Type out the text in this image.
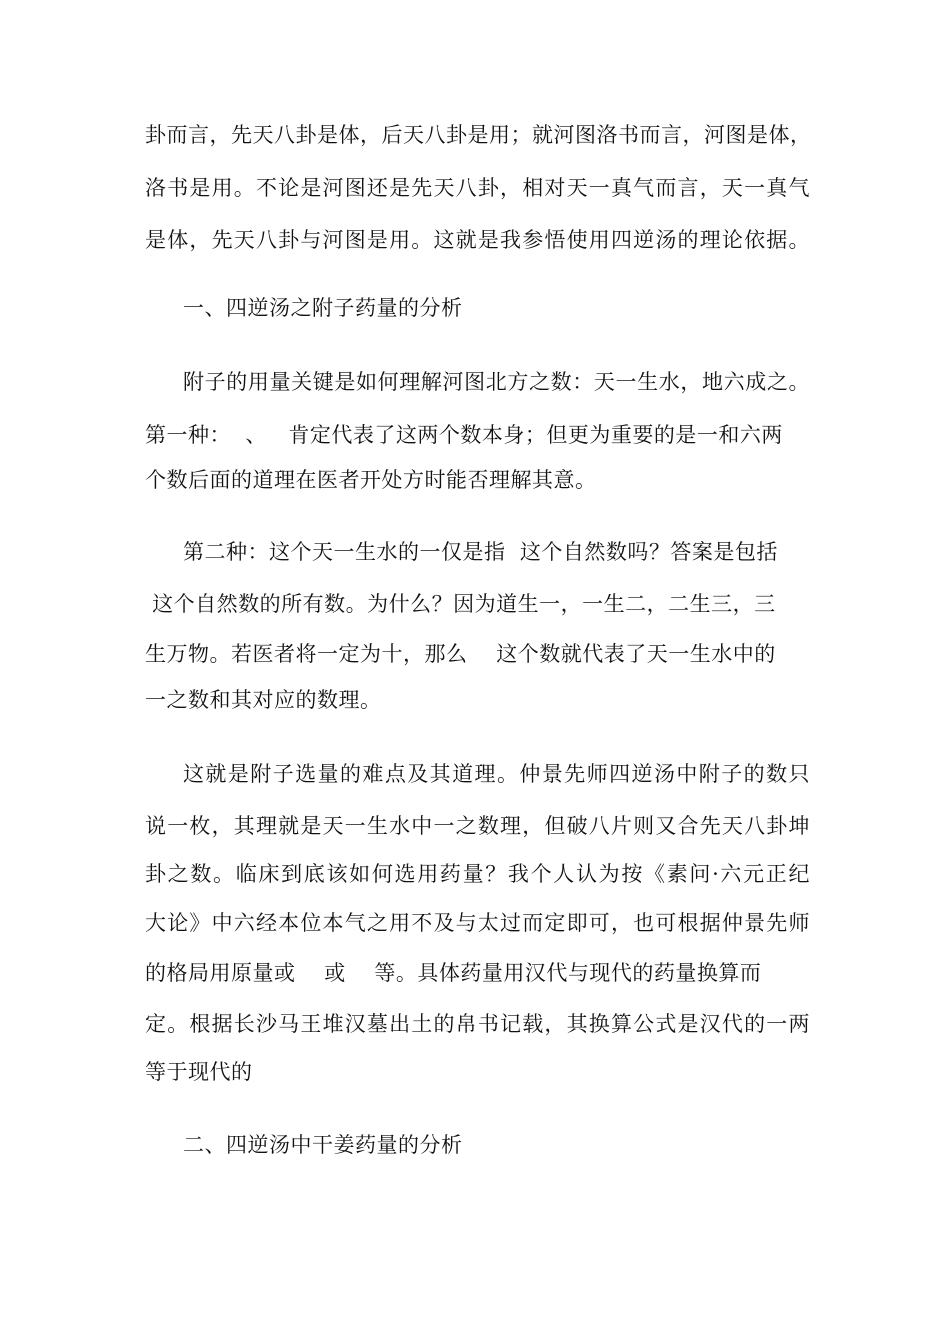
卦而言，先天八卦是体，后天八卦是用；就河图洛书而言，河图是体，
洛书是用。不论是河图还是先天八卦，相对天一真气而言，天一真气
是体，先天八卦与河图是用。这就是我参悟使用四逆汤的理论依据。
一、四逆汤之附子药量的分析
附子的用量关键是如何理解河图北方之数：天一生水，地六成之。
第一种：  、   肯定代表了这两个数本身；但更为重要的是一和六两
个数后面的道理在医者开处方时能否理解其意。
第二种：这个天一生水的一仅是指  这个自然数吗？答案是包括
这个自然数的所有数。为什么？因为道生一，一生二，二生三，三
生万物。若医者将一定为十，那么    这个数就代表了天一生水中的
一之数和其对应的数理。
这就是附子选量的难点及其道理。仲景先师四逆汤中附子的数只
说一枚，其理就是天一生水中一之数理，但破八片则又合先天八卦坤
卦之数。临床到底该如何选用药量？我个人认为按《素问·六元正纪
大论》中六经本位本气之用不及与太过而定即可，也可根据仲景先师
的格局用原量或    或    等。具体药量用汉代与现代的药量换算而
定。根据长沙马王堆汉墓出土的帛书记载，其换算公式是汉代的一两
等于现代的
二、四逆汤中干姜药量的分析
